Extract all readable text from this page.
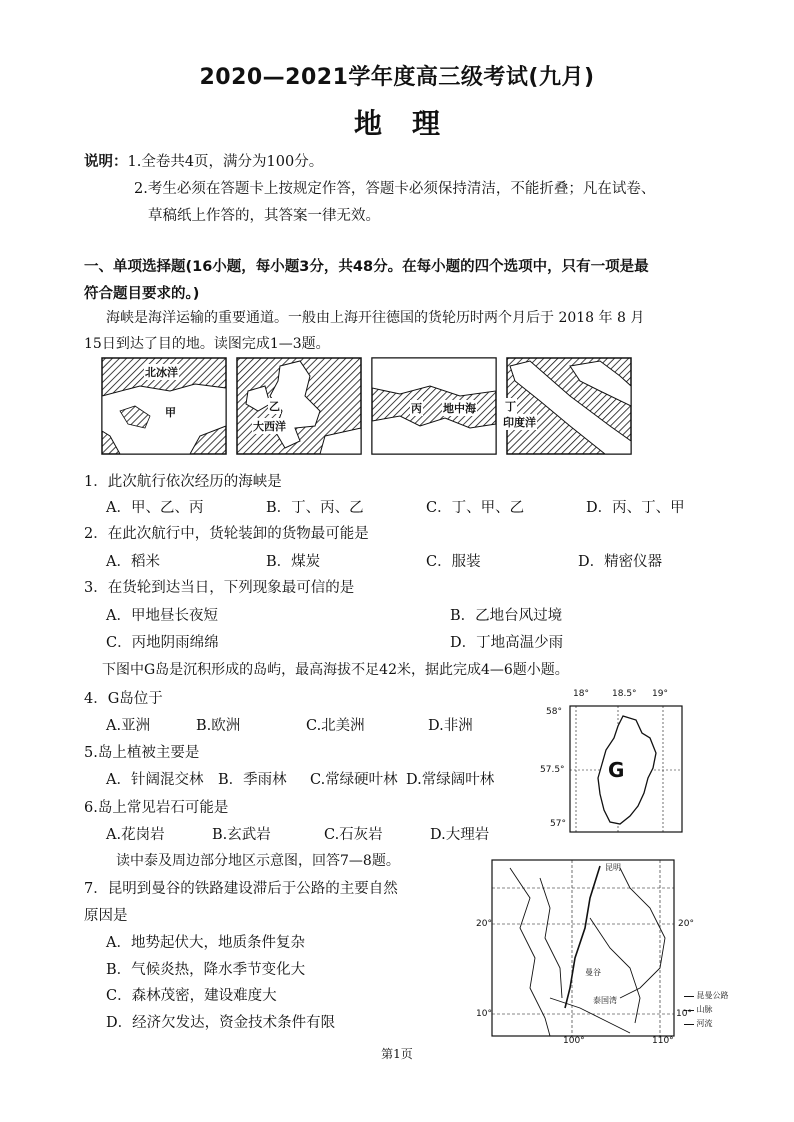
2020—2021学年度高三级考试(九月)
地理
说明：1.全卷共4页，满分为100分。
2.考生必须在答题卡上按规定作答，答题卡必须保持清洁，不能折叠；凡在试卷、
草稿纸上作答的，其答案一律无效。
一、单项选择题(16小题，每小题3分，共48分。在每小题的四个选项中，只有一项是最
符合题目要求的。)
海峡是海洋运输的重要通道。一般由上海开往德国的货轮历时两个月后于 2018 年 8 月
15日到达了目的地。读图完成1—3题。
北冰洋
甲	乙
大西洋
丙 地中海	丁
印度洋
1．此次航行依次经历的海峡是
A．甲、乙、丙	B．丁、丙、乙	C．丁、甲、乙	D．丙、丁、甲
2．在此次航行中，货轮装卸的货物最可能是
A．稻米	B．煤炭	C．服装	D．精密仪器
3．在货轮到达当日，下列现象最可信的是
A．甲地昼长夜短	B．乙地台风过境
C．丙地阴雨绵绵	D．丁地高温少雨
下图中G岛是沉积形成的岛屿，最高海拔不足42米，据此完成4—6题小题。
4．G岛位于
A.亚洲	B.欧洲	C.北美洲	D.非洲
5.岛上植被主要是
A．针阔混交林 B．季雨林 C.常绿硬叶林 D.常绿阔叶林
6.岛上常见岩石可能是
A.花岗岩	B.玄武岩	C.石灰岩	D.大理岩
18°	18.5° 19°
58°
57.5°
57°
G
读中泰及周边部分地区示意图，回答7—8题。
7．昆明到曼谷的铁路建设滞后于公路的主要自然
原因是
A．地势起伏大，地质条件复杂
B．气候炎热，降水季节变化大
C．森林茂密，建设难度大
D．经济欠发达，资金技术条件有限
昆明
曼谷
泰国湾
20°	20°
10°	10°
100°	110°
昆曼公路
山脉
河流
第1页
